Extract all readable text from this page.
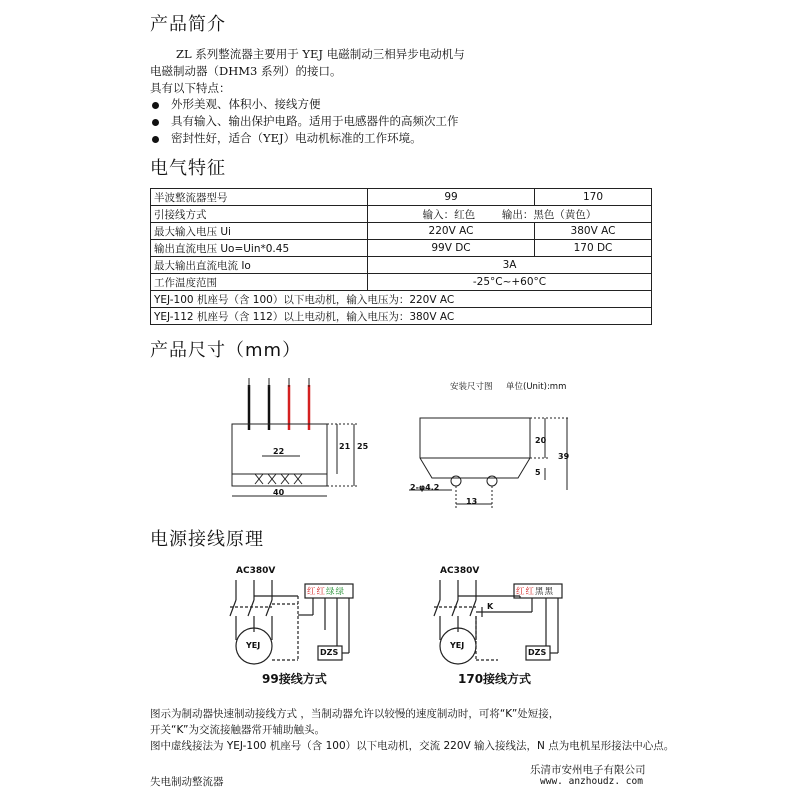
产品简介
ZL 系列整流器主要用于 YEJ 电磁制动三相异步电动机与
电磁制动器（DHM3 系列）的接口。
具有以下特点：
外形美观、体积小、接线方便
具有输入、输出保护电路。适用于电感器件的高频次工作
密封性好，适合（YEJ）电动机标准的工作环境。
电气特征
半波整流器型号	99	170
引接线方式	输入：红色 输出：黑色（黄色）	
最大输入电压 Ui	220V AC	380V AC
输出直流电压 Uo=Uin*0.45	99V DC	170 DC
最大输出直流电流 Io	3A	
工作温度范围	-25°C~+60°C	
YEJ-100 机座号（含 100）以下电动机，输入电压为：220V AC		
YEJ-112 机座号（含 112）以上电动机，输入电压为：380V AC		
产品尺寸（mm）
安装尺寸图     单位(Unit):mm
22
40
21 25
20
39
5
13
2-φ4.2
电源接线原理
AC380V
YEJ
DZS
红红绿绿
99接线方式
AC380V
YEJ
DZS
K
红红黑黑
170接线方式
图示为制动器快速制动接线方式 ，当制动器允许以较慢的速度制动时，可将“K”处短接，
开关“K”为交流接触器常开辅助触头。
图中虚线接法为 YEJ-100 机座号（含 100）以下电动机，交流 220V 输入接线法，N 点为电机星形接法中心点。
乐清市安州电子有限公司
www. anzhoudz. com
失电制动整流器
